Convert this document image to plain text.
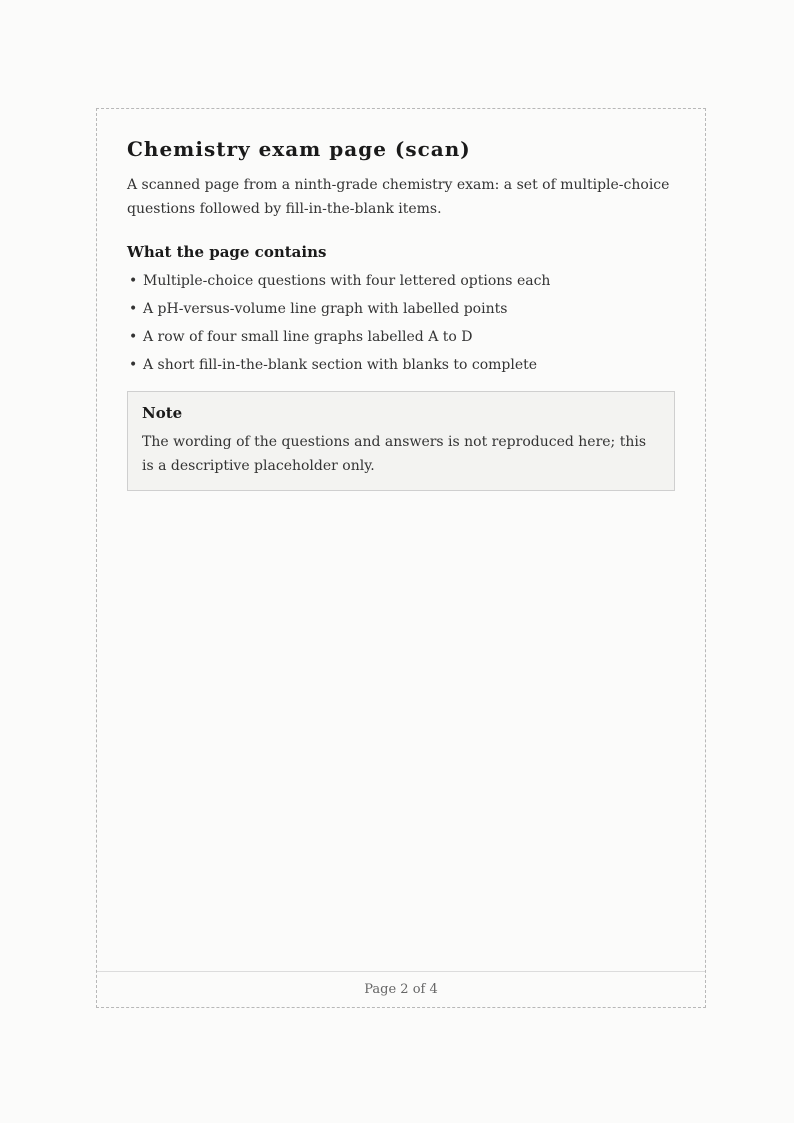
Chemistry exam page (scan)
A scanned page from a ninth-grade chemistry exam: a set of multiple-choice questions followed by fill-in-the-blank items.
What the page contains
• Multiple-choice questions with four lettered options each
• A pH-versus-volume line graph with labelled points
• A row of four small line graphs labelled A to D
• A short fill-in-the-blank section with blanks to complete
Note
The wording of the questions and answers is not reproduced here; this is a descriptive placeholder only.
Page 2 of 4
